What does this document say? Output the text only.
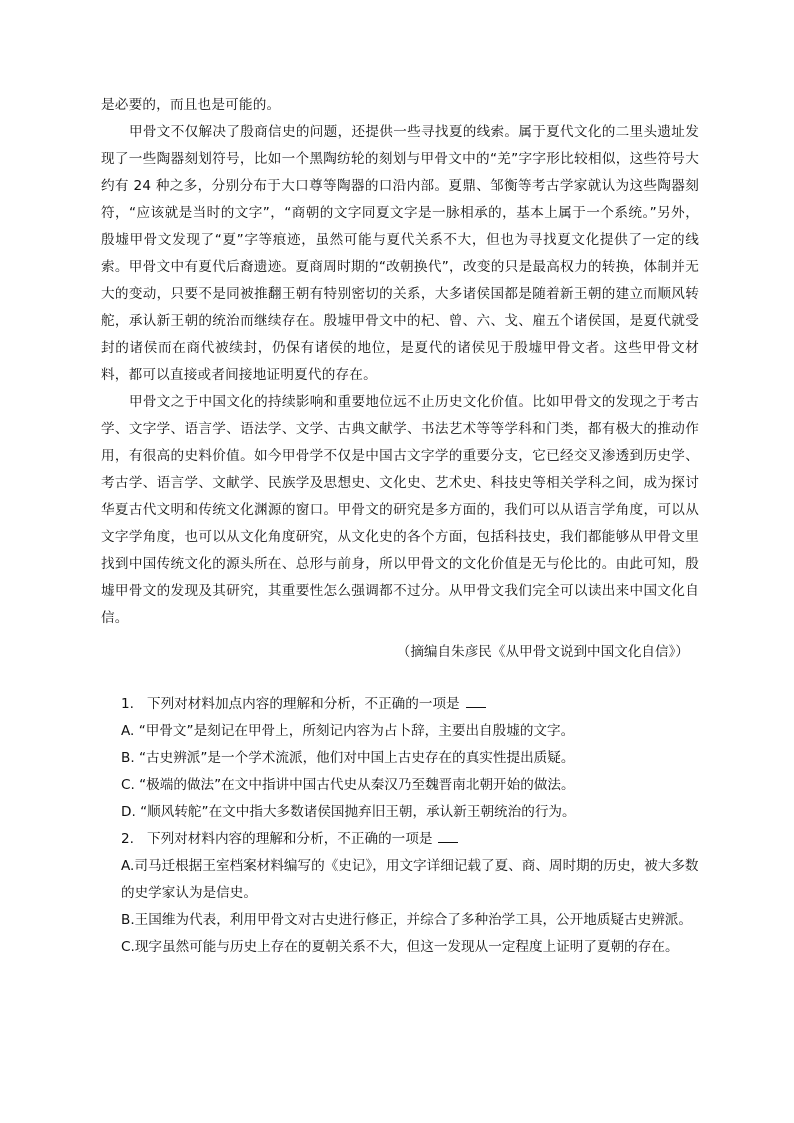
是必要的，而且也是可能的。

甲骨文不仅解决了殷商信史的问题，还提供一些寻找夏的线索。属于夏代文化的二里头遗址发现了一些陶器刻划符号，比如一个黑陶纺轮的刻划与甲骨文中的“羌”字字形比较相似，这些符号大约有 24 种之多，分别分布于大口尊等陶器的口沿内部。夏鼎、邹衡等考古学家就认为这些陶器刻符，“应该就是当时的文字”，“商朝的文字同夏文字是一脉相承的，基本上属于一个系统。”另外，殷墟甲骨文发现了“夏”字等痕迹，虽然可能与夏代关系不大，但也为寻找夏文化提供了一定的线索。甲骨文中有夏代后裔遗迹。夏商周时期的“改朝换代”，改变的只是最高权力的转换，体制并无大的变动，只要不是同被推翻王朝有特别密切的关系，大多诸侯国都是随着新王朝的建立而顺风转舵，承认新王朝的统治而继续存在。殷墟甲骨文中的杞、曾、六、戈、雇五个诸侯国，是夏代就受封的诸侯而在商代被续封，仍保有诸侯的地位，是夏代的诸侯见于殷墟甲骨文者。这些甲骨文材料，都可以直接或者间接地证明夏代的存在。

甲骨文之于中国文化的持续影响和重要地位远不止历史文化价值。比如甲骨文的发现之于考古学、文字学、语言学、语法学、文学、古典文献学、书法艺术等等学科和门类，都有极大的推动作用，有很高的史料价值。如今甲骨学不仅是中国古文字学的重要分支，它已经交叉渗透到历史学、考古学、语言学、文献学、民族学及思想史、文化史、艺术史、科技史等相关学科之间，成为探讨华夏古代文明和传统文化渊源的窗口。甲骨文的研究是多方面的，我们可以从语言学角度，可以从文字学角度，也可以从文化角度研究，从文化史的各个方面，包括科技史，我们都能够从甲骨文里找到中国传统文化的源头所在、总形与前身，所以甲骨文的文化价值是无与伦比的。由此可知，殷墟甲骨文的发现及其研究，其重要性怎么强调都不过分。从甲骨文我们完全可以读出来中国文化自信。

（摘编自朱彦民《从甲骨文说到中国文化自信》）

1. 下列对材料加点内容的理解和分析，不正确的一项是

A. “甲骨文”是刻记在甲骨上，所刻记内容为占卜辞，主要出自殷墟的文字。

B. “古史辨派”是一个学术流派，他们对中国上古史存在的真实性提出质疑。

C. “极端的做法”在文中指讲中国古代史从秦汉乃至魏晋南北朝开始的做法。

D. “顺风转舵”在文中指大多数诸侯国抛弃旧王朝，承认新王朝统治的行为。

2. 下列对材料内容的理解和分析，不正确的一项是

A.司马迁根据王室档案材料编写的《史记》，用文字详细记载了夏、商、周时期的历史，被大多数的史学家认为是信史。

B.王国维为代表，利用甲骨文对古史进行修正，并综合了多种治学工具，公开地质疑古史辨派。

C.现字虽然可能与历史上存在的夏朝关系不大，但这一发现从一定程度上证明了夏朝的存在。
